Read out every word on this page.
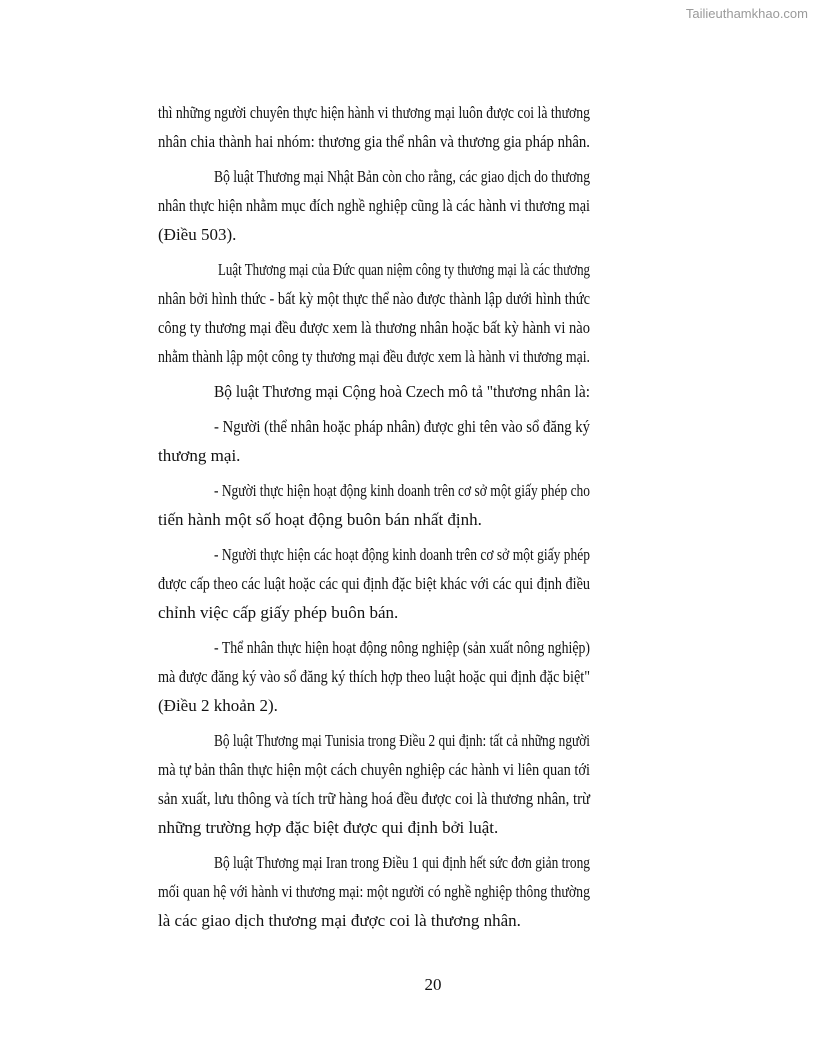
Tailieuthamkhao.com
thì những người chuyên thực hiện hành vi thương mại luôn được coi là thương
nhân chia thành hai nhóm: thương gia thể nhân và thương gia pháp nhân.
Bộ luật Thương mại Nhật Bản còn cho rằng, các giao dịch do thương
nhân thực hiện nhằm mục đích nghề nghiệp cũng là các hành vi thương mại
(Điều 503).
Luật Thương mại của Đức quan niệm công ty thương mại là các thương
nhân bởi hình thức - bất kỳ một thực thể nào được thành lập dưới hình thức
công ty thương mại đều được xem là thương nhân hoặc bất kỳ hành vi nào
nhằm thành lập một công ty thương mại đều được xem là hành vi thương mại.
Bộ luật Thương mại Cộng hoà Czech mô tả "thương nhân là:
- Người (thể nhân hoặc pháp nhân) được ghi tên vào sổ đăng ký
thương mại.
- Người thực hiện hoạt động kinh doanh trên cơ sở một giấy phép cho
tiến hành một số hoạt động buôn bán nhất định.
- Người thực hiện các hoạt động kinh doanh trên cơ sở một giấy phép
được cấp theo các luật hoặc các qui định đặc biệt khác với các qui định điều
chỉnh việc cấp giấy phép buôn bán.
- Thể nhân thực hiện hoạt động nông nghiệp (sản xuất nông nghiệp)
mà được đăng ký vào sổ đăng ký thích hợp theo luật hoặc qui định đặc biệt"
(Điều 2 khoản 2).
Bộ luật Thương mại Tunisia trong Điều 2 qui định: tất cả những người
mà tự bản thân thực hiện một cách chuyên nghiệp các hành vi liên quan tới
sản xuất, lưu thông và tích trữ hàng hoá đều được coi là thương nhân, trừ
những trường hợp đặc biệt được qui định bởi luật.
Bộ luật Thương mại Iran trong Điều 1 qui định hết sức đơn giản trong
mối quan hệ với hành vi thương mại: một người có nghề nghiệp thông thường
là các giao dịch thương mại được coi là thương nhân.
20
